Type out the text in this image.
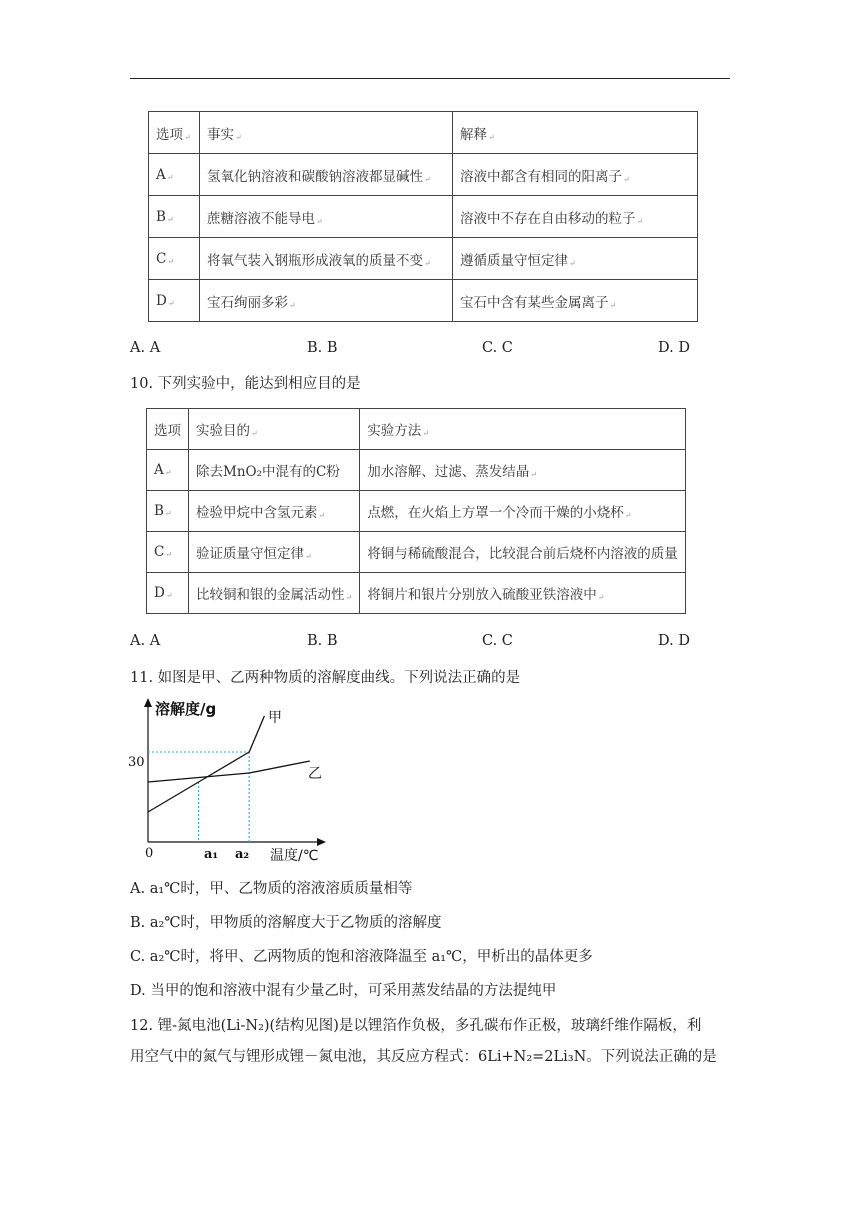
选项↵	事实↵	解释↵
A↵	氢氧化钠溶液和碳酸钠溶液都显碱性↵	溶液中都含有相同的阳离子↵
B↵	蔗糖溶液不能导电↵	溶液中不存在自由移动的粒子↵
C↵	将氧气装入钢瓶形成液氧的质量不变↵	遵循质量守恒定律↵
D↵	宝石绚丽多彩↵	宝石中含有某些金属离子↵
A. A	B. B	C. C	D. D
10. 下列实验中，能达到相应目的是
选项	实验目的↵	实验方法↵
A↵	除去MnO₂中混有的C粉	加水溶解、过滤、蒸发结晶↵
B↵	检验甲烷中含氢元素↵	点燃，在火焰上方罩一个冷而干燥的小烧杯↵
C↵	验证质量守恒定律↵	将铜与稀硫酸混合，比较混合前后烧杯内溶液的质量
D↵	比较铜和银的金属活动性↵	将铜片和银片分别放入硫酸亚铁溶液中↵
A. A	B. B	C. C	D. D
11. 如图是甲、乙两种物质的溶解度曲线。下列说法正确的是
溶解度/g
温度/℃
0
30
a₁ a₂
甲
乙
A. a₁℃时，甲、乙物质的溶液溶质质量相等
B. a₂℃时，甲物质的溶解度大于乙物质的溶解度
C. a₂℃时，将甲、乙两物质的饱和溶液降温至 a₁℃，甲析出的晶体更多
D. 当甲的饱和溶液中混有少量乙时，可采用蒸发结晶的方法提纯甲
12. 锂-氮电池(Li-N₂)(结构见图)是以锂箔作负极，多孔碳布作正极，玻璃纤维作隔板，利
用空气中的氮气与锂形成锂－氮电池，其反应方程式：6Li+N₂=2Li₃N。下列说法正确的是
